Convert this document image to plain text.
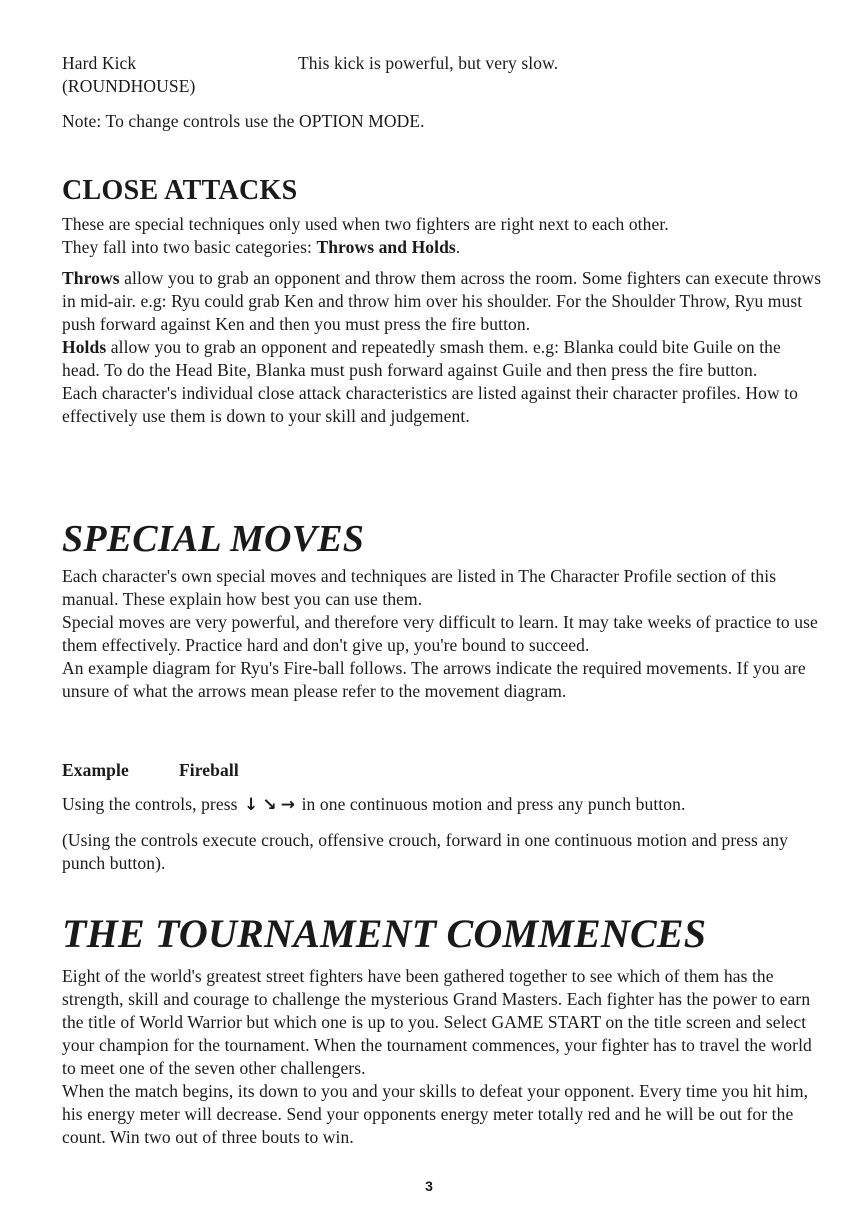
Hard Kick
(ROUNDHOUSE)
This kick is powerful, but very slow.
Note: To change controls use the OPTION MODE.
CLOSE ATTACKS

These are special techniques only used when two fighters are right next to each other.

They fall into two basic categories: Throws and Holds.

Throws allow you to grab an opponent and throw them across the room. Some fighters can execute throws in mid-air. e.g: Ryu could grab Ken and throw him over his shoulder. For the Shoulder Throw, Ryu must push forward against Ken and then you must press the fire button.

Holds allow you to grab an opponent and repeatedly smash them. e.g: Blanka could bite Guile on the head. To do the Head Bite, Blanka must push forward against Guile and then press the fire button.

Each character's individual close attack characteristics are listed against their character profiles. How to effectively use them is down to your skill and judgement.

SPECIAL MOVES

Each character's own special moves and techniques are listed in The Character Profile section of this manual. These explain how best you can use them.

Special moves are very powerful, and therefore very difficult to learn. It may take weeks of practice to use them effectively. Practice hard and don't give up, you're bound to succeed.

An example diagram for Ryu's Fire-ball follows. The arrows indicate the required movements. If you are unsure of what the arrows mean please refer to the movement diagram.

Example	Fireball

Using the controls, press ↓ ↘ → in one continuous motion and press any punch button.

(Using the controls execute crouch, offensive crouch, forward in one continuous motion and press any punch button).
THE TOURNAMENT COMMENCES

Eight of the world's greatest street fighters have been gathered together to see which of them has the strength, skill and courage to challenge the mysterious Grand Masters. Each fighter has the power to earn the title of World Warrior but which one is up to you. Select GAME START on the title screen and select your champion for the tournament. When the tournament commences, your fighter has to travel the world to meet one of the seven other challengers.

When the match begins, its down to you and your skills to defeat your opponent. Every time you hit him, his energy meter will decrease. Send your opponents energy meter totally red and he will be out for the count. Win two out of three bouts to win.

3
